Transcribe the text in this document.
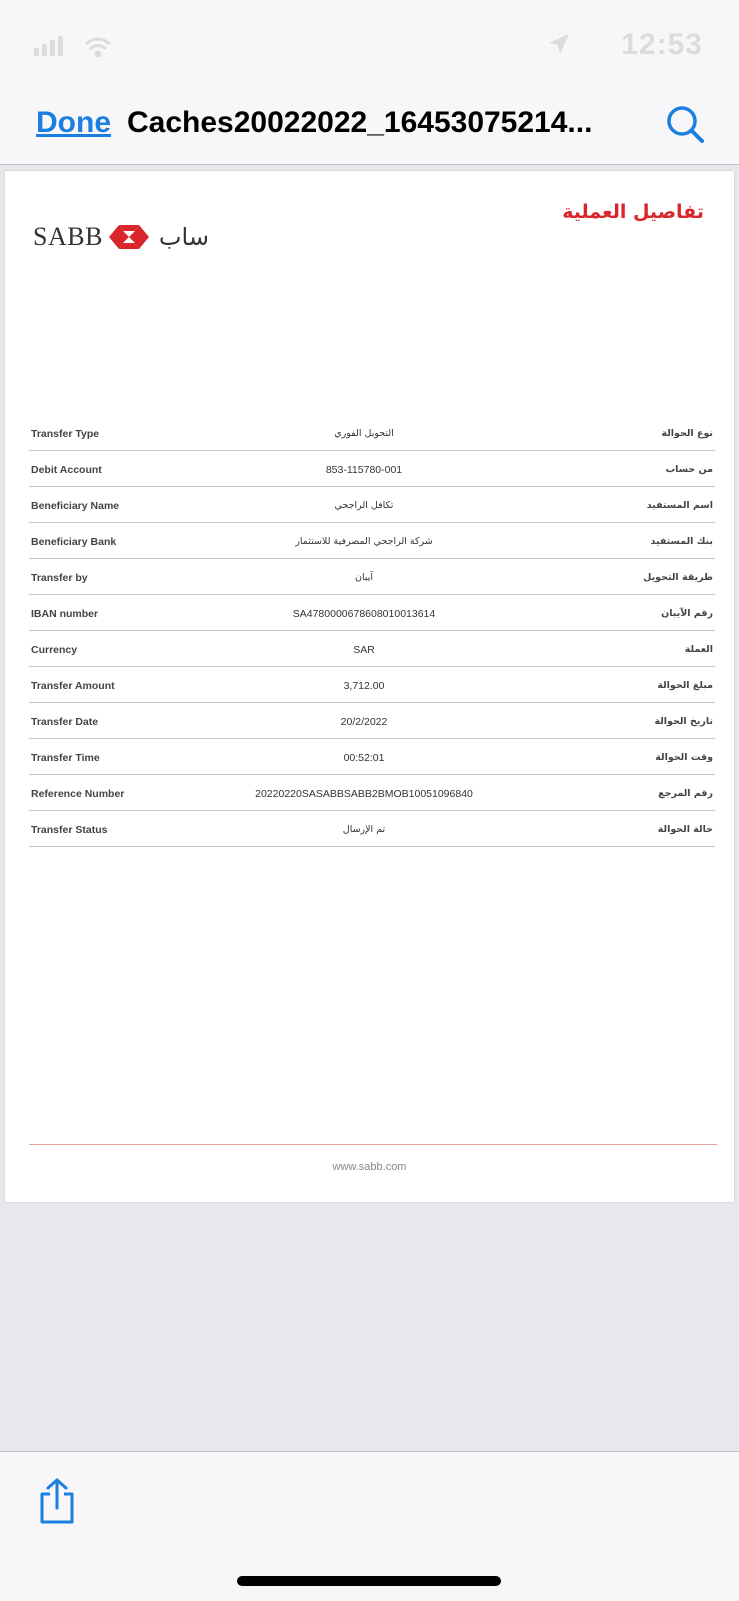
12:53
Done Caches20022022_16453075214...
تفاصيل العملية
SABB ساب
Transfer Type	التحويل الفوري	نوع الحوالة
Debit Account	853-115780-001	من حساب
Beneficiary Name	تكافل الراجحي	اسم المستفيد
Beneficiary Bank	شركة الراجحي المصرفية للاستثمار	بنك المستفيد
Transfer by	آيبان	طريقة التحويل
IBAN number	SA4780000678608010013614	رقم الآيبان
Currency	SAR	العملة
Transfer Amount	3,712.00	مبلغ الحوالة
Transfer Date	20/2/2022	تاريخ الحوالة
Transfer Time	00:52:01	وقت الحوالة
Reference Number	20220220SASABBSABB2BMOB10051096840	رقم المرجع
Transfer Status	تم الإرسال	حالة الحوالة
www.sabb.com
